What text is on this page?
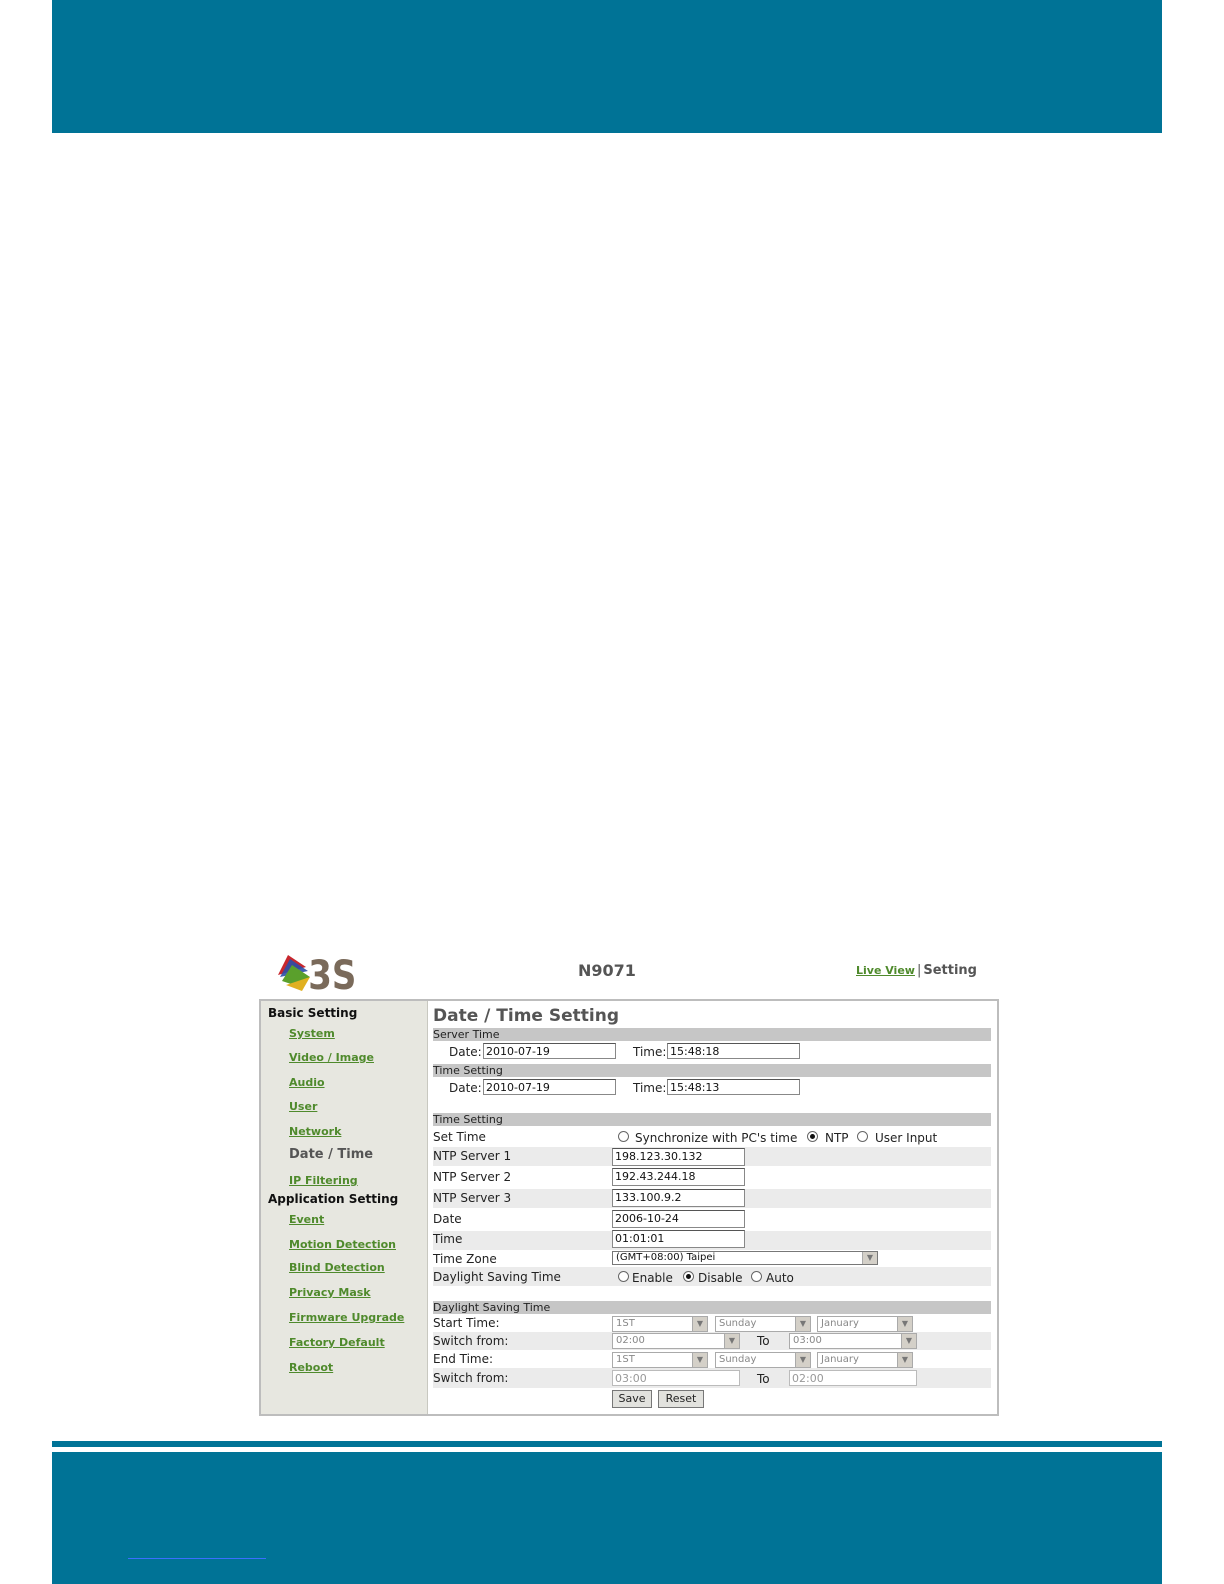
3S	N9071	Live View | Setting
Basic Setting
System
Video / Image
Audio
User
Network
Date / Time
IP Filtering
Application Setting
Event
Motion Detection
Blind Detection
Privacy Mask
Firmware Upgrade
Factory Default
Reboot
Date / Time Setting
Server Time
Date: 2010-07-19	Time: 15:48:18
Time Setting
Date: 2010-07-19	Time: 15:48:13
Time Setting
Set Time	Synchronize with PC's time NTP User Input
NTP Server 1	198.123.30.132
NTP Server 2	192.43.244.18
NTP Server 3	133.100.9.2
Date	2006-10-24
Time	01:01:01
Time Zone	(GMT+08:00) Taipei	▼
Daylight Saving Time	Enable Disable Auto
Daylight Saving Time
Start Time:	1ST	▼	Sunday	▼	January	▼
Switch from:	02:00	▼	To	03:00	▼
End Time:	1ST	▼	Sunday	▼	January	▼
Switch from:	03:00	To 02:00
Save	Reset
